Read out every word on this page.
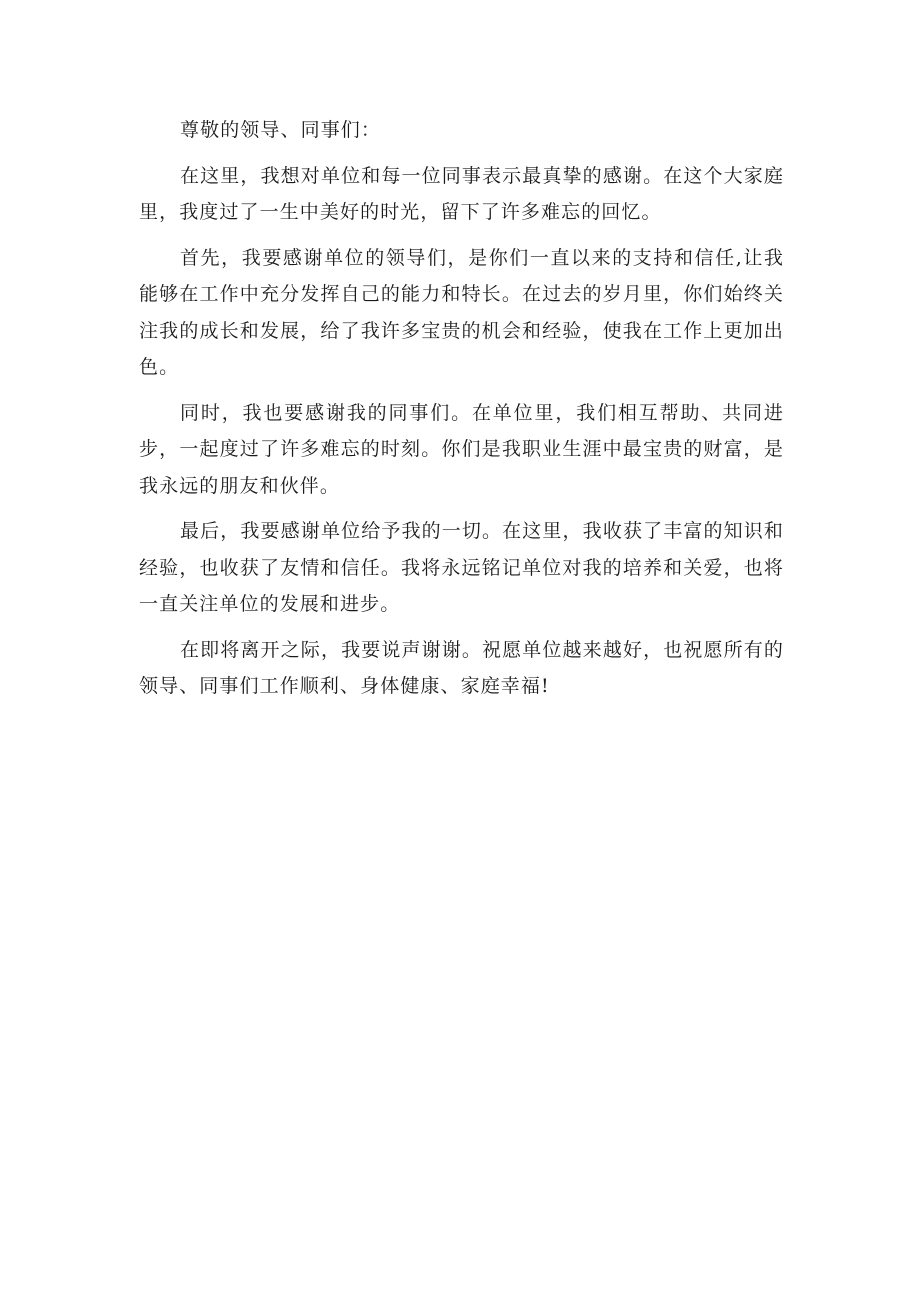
尊敬的领导、同事们：

在这里，我想对单位和每一位同事表示最真挚的感谢。在这个大家庭里，我度过了一生中美好的时光，留下了许多难忘的回忆。

首先，我要感谢单位的领导们，是你们一直以来的支持和信任,让我能够在工作中充分发挥自己的能力和特长。在过去的岁月里，你们始终关注我的成长和发展，给了我许多宝贵的机会和经验，使我在工作上更加出色。

同时，我也要感谢我的同事们。在单位里，我们相互帮助、共同进步，一起度过了许多难忘的时刻。你们是我职业生涯中最宝贵的财富，是我永远的朋友和伙伴。

最后，我要感谢单位给予我的一切。在这里，我收获了丰富的知识和经验，也收获了友情和信任。我将永远铭记单位对我的培养和关爱，也将一直关注单位的发展和进步。

在即将离开之际，我要说声谢谢。祝愿单位越来越好，也祝愿所有的领导、同事们工作顺利、身体健康、家庭幸福!
